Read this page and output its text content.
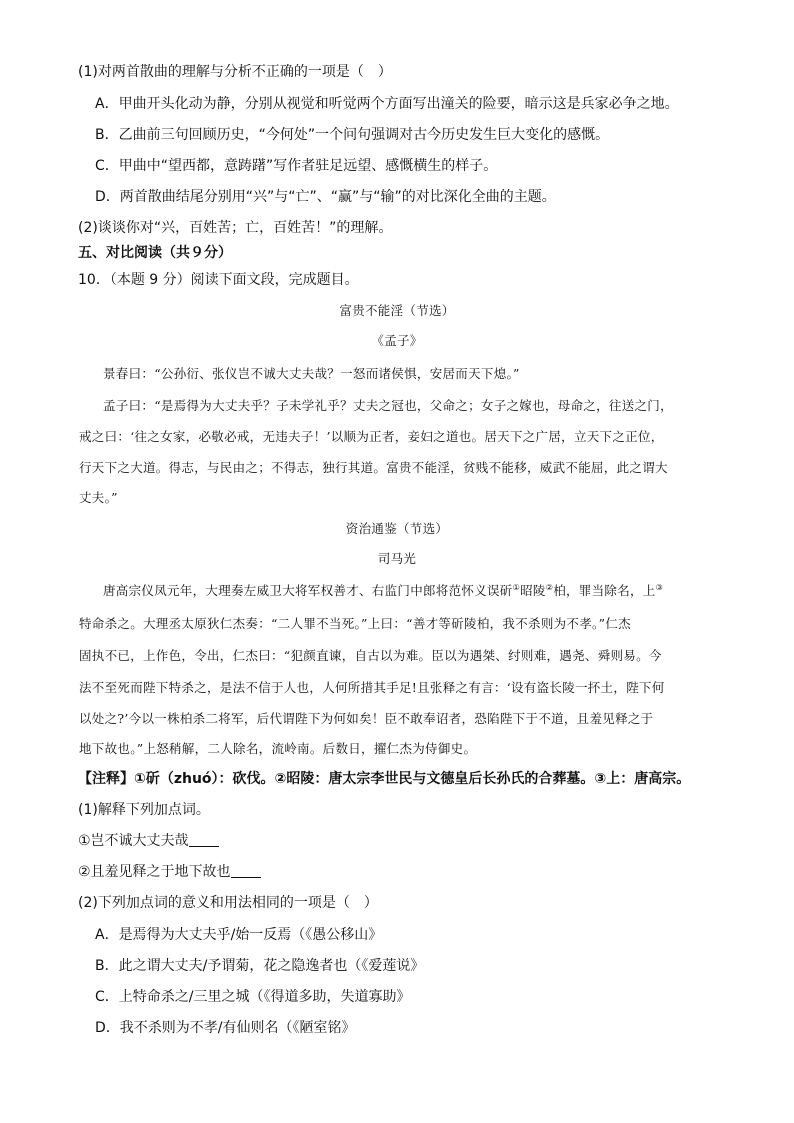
(1)对两首散曲的理解与分析不正确的一项是（　）
A．甲曲开头化动为静，分别从视觉和听觉两个方面写出潼关的险要，暗示这是兵家必争之地。
B．乙曲前三句回顾历史，“今何处”一个问句强调对古今历史发生巨大变化的感慨。
C．甲曲中“望西都，意踌躇”写作者驻足远望、感慨横生的样子。
D．两首散曲结尾分别用“兴”与“亡”、“赢”与“输”的对比深化全曲的主题。
(2)谈谈你对“兴，百姓苦；亡，百姓苦！”的理解。
五、对比阅读（共９分）
10．（本题 9 分）阅读下面文段，完成题目。
富贵不能淫（节选）
《孟子》
景春曰：“公孙衍、张仪岂不诚大丈夫哉？一怒而诸侯惧，安居而天下熄。”
孟子曰：“是焉得为大丈夫乎？子未学礼乎？丈夫之冠也，父命之；女子之嫁也，母命之，往送之门，
戒之曰：‘往之女家，必敬必戒，无违夫子！’以顺为正者，妾妇之道也。居天下之广居，立天下之正位，
行天下之大道。得志，与民由之；不得志，独行其道。富贵不能淫，贫贱不能移，威武不能屈，此之谓大
丈夫。”
资治通鉴（节选）
司马光
唐高宗仪凤元年，大理奏左威卫大将军权善才、右监门中郎将范怀义误斫①昭陵②柏，罪当除名，上③
特命杀之。大理丞太原狄仁杰奏：“二人罪不当死。”上曰：“善才等斫陵柏，我不杀则为不孝。”仁杰
固执不已，上作色，令出，仁杰曰：“犯颜直谏，自古以为难。臣以为遇桀、纣则难，遇尧、舜则易。今
法不至死而陛下特杀之，是法不信于人也，人何所措其手足!且张释之有言：‘设有盗长陵一抔土，陛下何
以处之?’今以一株柏杀二将军，后代谓陛下为何如矣！臣不敢奉诏者，恐陷陛下于不道，且羞见释之于
地下故也。”上怒稍解，二人除名，流岭南。后数日，擢仁杰为侍御史。
【注释】①斫（zhuó）：砍伐。②昭陵：唐太宗李世民与文德皇后长孙氏的合葬墓。③上：唐高宗。
(1)解释下列加点词。
①岂不诚大丈夫哉
②且羞见释之于地下故也
(2)下列加点词的意义和用法相同的一项是（　）
A．是焉得为大丈夫乎/始一反焉（《愚公移山》
B．此之谓大丈夫/予谓菊，花之隐逸者也（《爱莲说》
C．上特命杀之/三里之城（《得道多助，失道寡助》
D．我不杀则为不孝/有仙则名（《陋室铭》
